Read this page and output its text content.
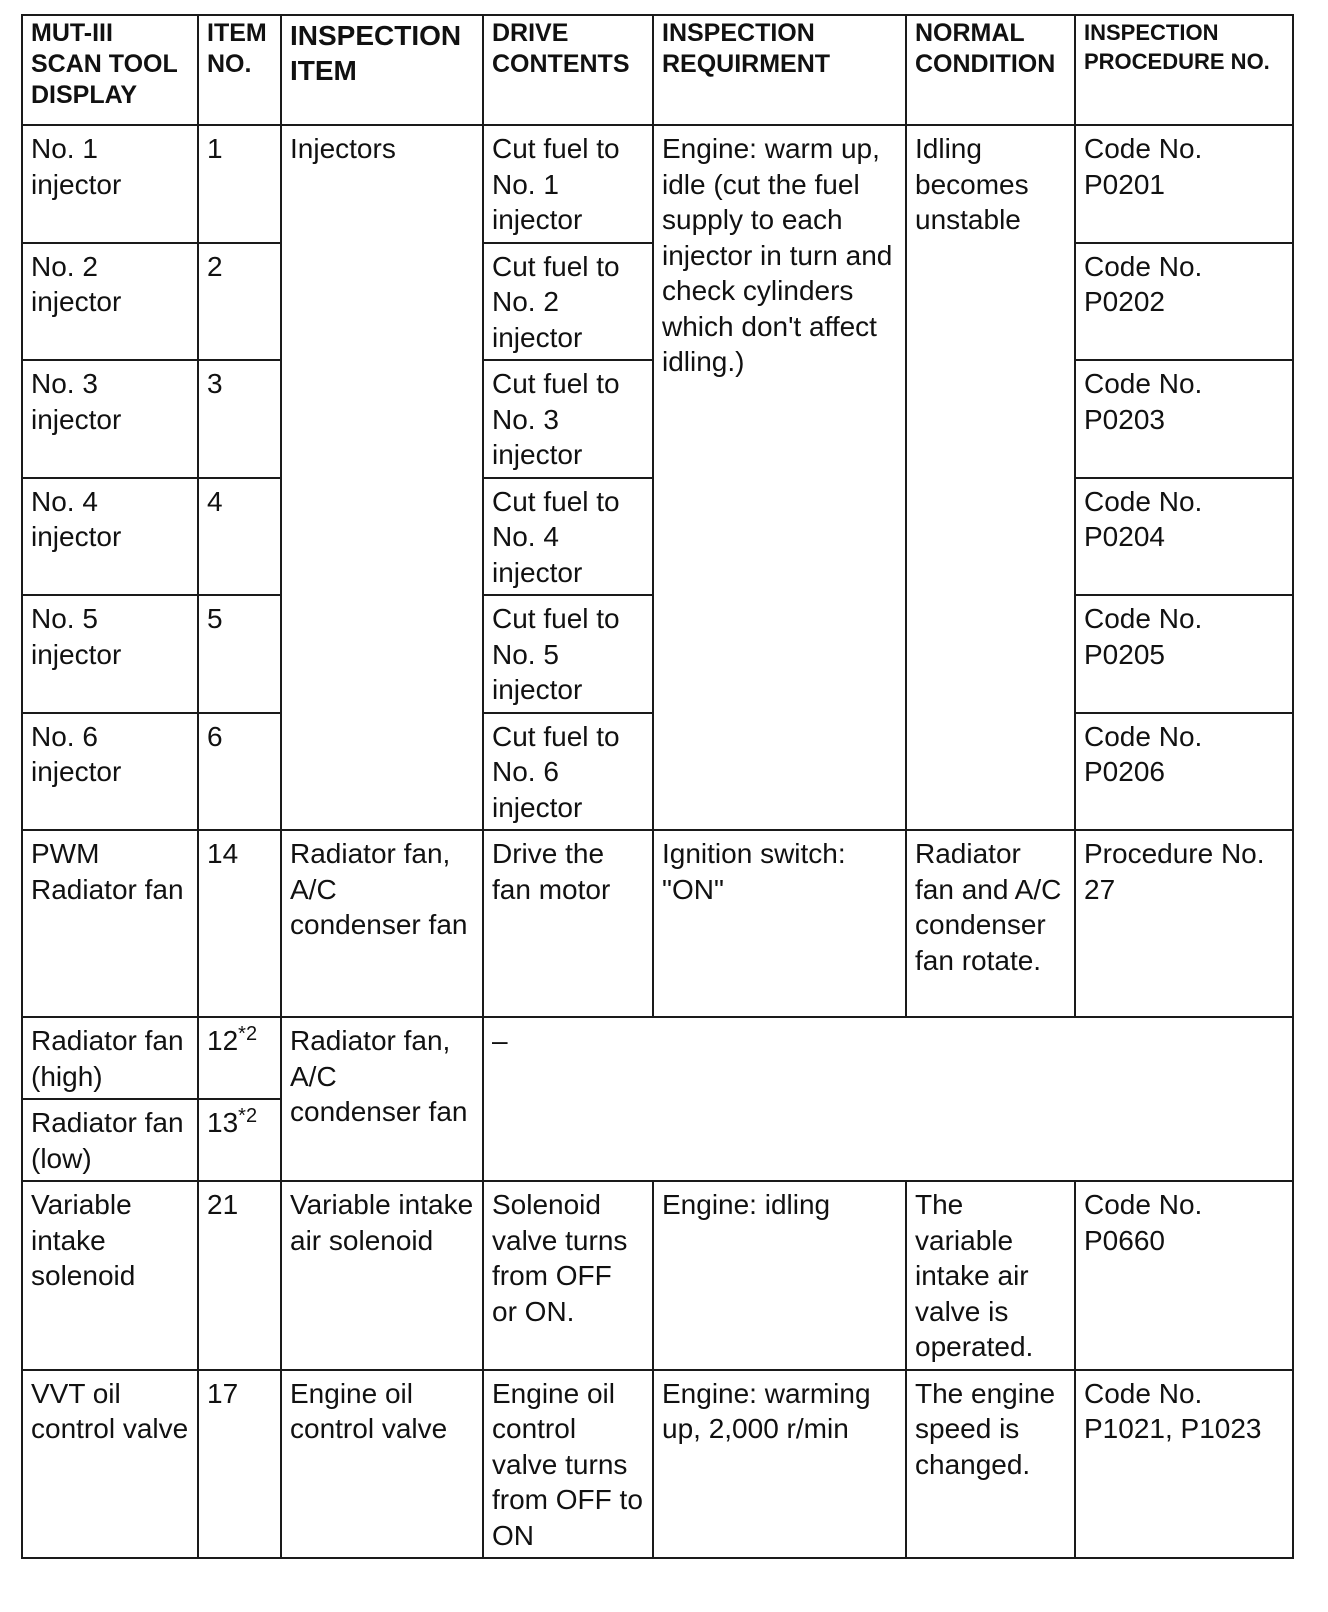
MUT-III SCAN TOOL DISPLAY	ITEM NO.	INSPECTION ITEM	DRIVE CONTENTS	INSPECTION REQUIRMENT	NORMAL CONDITION	INSPECTION PROCEDURE NO.
No. 1 injector	1	Injectors	Cut fuel to No. 1 injector	Engine: warm up, idle (cut the fuel supply to each injector in turn and check cylinders which don't affect idling.)	Idling becomes unstable	Code No. P0201
No. 2 injector	2		Cut fuel to No. 2 injector			Code No. P0202
No. 3 injector	3		Cut fuel to No. 3 injector			Code No. P0203
No. 4 injector	4		Cut fuel to No. 4 injector			Code No. P0204
No. 5 injector	5		Cut fuel to No. 5 injector			Code No. P0205
No. 6 injector	6		Cut fuel to No. 6 injector			Code No. P0206
PWM Radiator fan	14	Radiator fan, A/C condenser fan	Drive the fan motor	Ignition switch: "ON"	Radiator fan and A/C condenser fan rotate.	Procedure No. 27
Radiator fan (high)	12$^{*2}$	Radiator fan, A/C condenser fan	–			
Radiator fan (low)	13$^{*2}$
Variable intake solenoid	21	Variable intake air solenoid	Solenoid valve turns from OFF or ON.	Engine: idling	The variable intake air valve is operated.	Code No. P0660
VVT oil control valve	17	Engine oil control valve	Engine oil control valve turns from OFF to ON	Engine: warming up, 2,000 r/min	The engine speed is changed.	Code No. P1021, P1023
